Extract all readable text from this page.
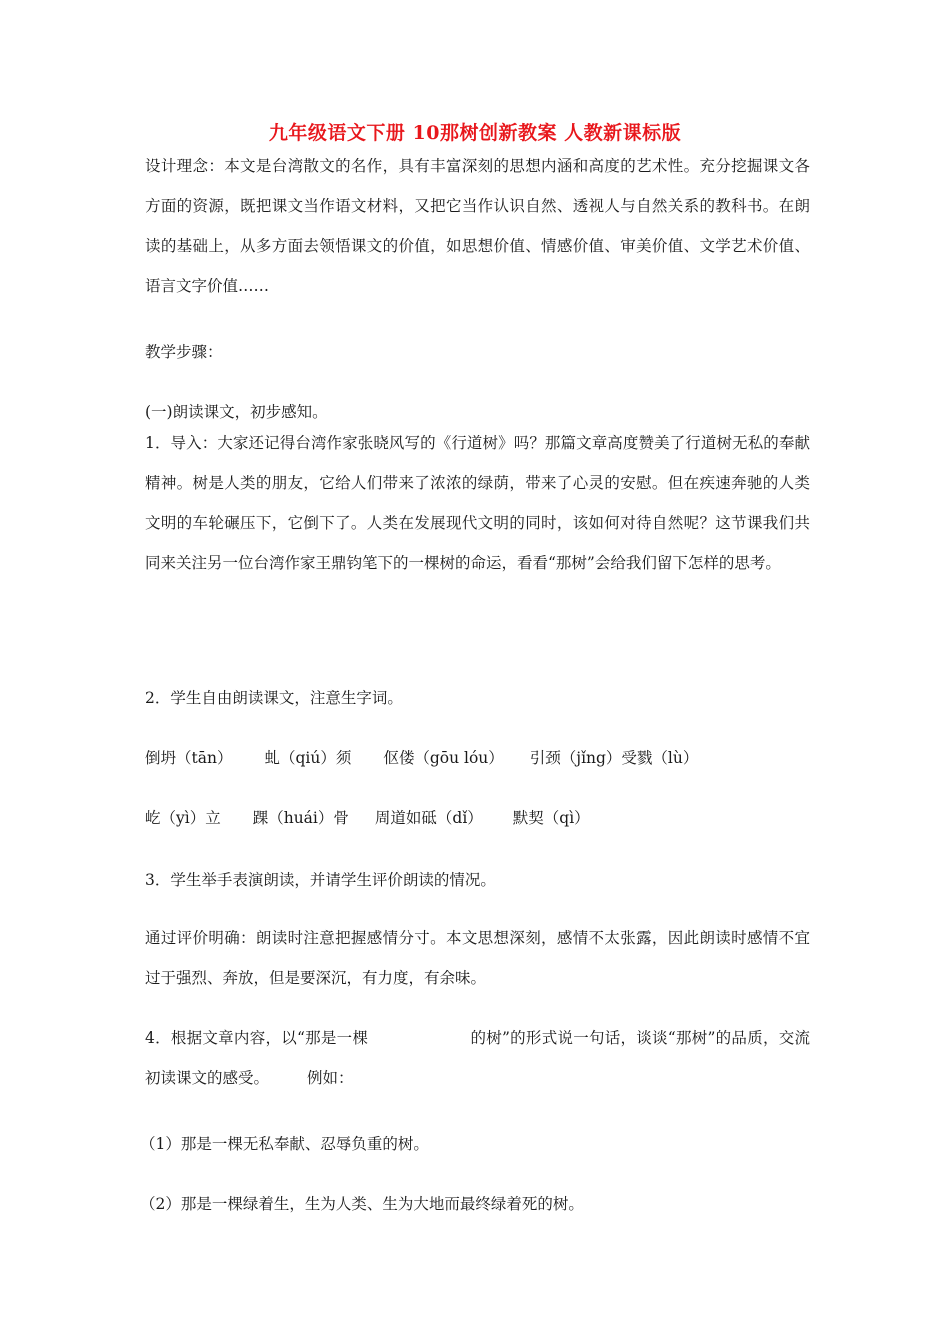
九年级语文下册 10那树创新教案 人教新课标版
设计理念：本文是台湾散文的名作，具有丰富深刻的思想内涵和高度的艺术性。充分挖掘课文各方面的资源，既把课文当作语文材料，又把它当作认识自然、透视人与自然关系的教科书。在朗读的基础上，从多方面去领悟课文的价值，如思想价值、情感价值、审美价值、文学艺术价值、语言文字价值……
教学步骤：
(一)朗读课文，初步感知。
1．导入：大家还记得台湾作家张晓风写的《行道树》吗？那篇文章高度赞美了行道树无私的奉献精神。树是人类的朋友，它给人们带来了浓浓的绿荫，带来了心灵的安慰。但在疾速奔驰的人类文明的车轮碾压下，它倒下了。人类在发展现代文明的同时，该如何对待自然呢？这节课我们共同来关注另一位台湾作家王鼎钧笔下的一棵树的命运，看看“那树”会给我们留下怎样的思考。
2．学生自由朗读课文，注意生字词。
倒坍（tān） 虬（qiú）须 伛偻（gōu lóu） 引颈（jǐng）受戮（lù）
屹（yì）立 踝（huái）骨 周道如砥（dǐ） 默契（qì）
3．学生举手表演朗读，并请学生评价朗读的情况。
通过评价明确：朗读时注意把握感情分寸。本文思想深刻，感情不太张露，因此朗读时感情不宜过于强烈、奔放，但是要深沉，有力度，有余味。
4．根据文章内容，以“那是一棵	的树”的形式说一句话，谈谈“那树”的品质，交流初读课文的感受。 例如：
（1）那是一棵无私奉献、忍辱负重的树。
（2）那是一棵绿着生，生为人类、生为大地而最终绿着死的树。
